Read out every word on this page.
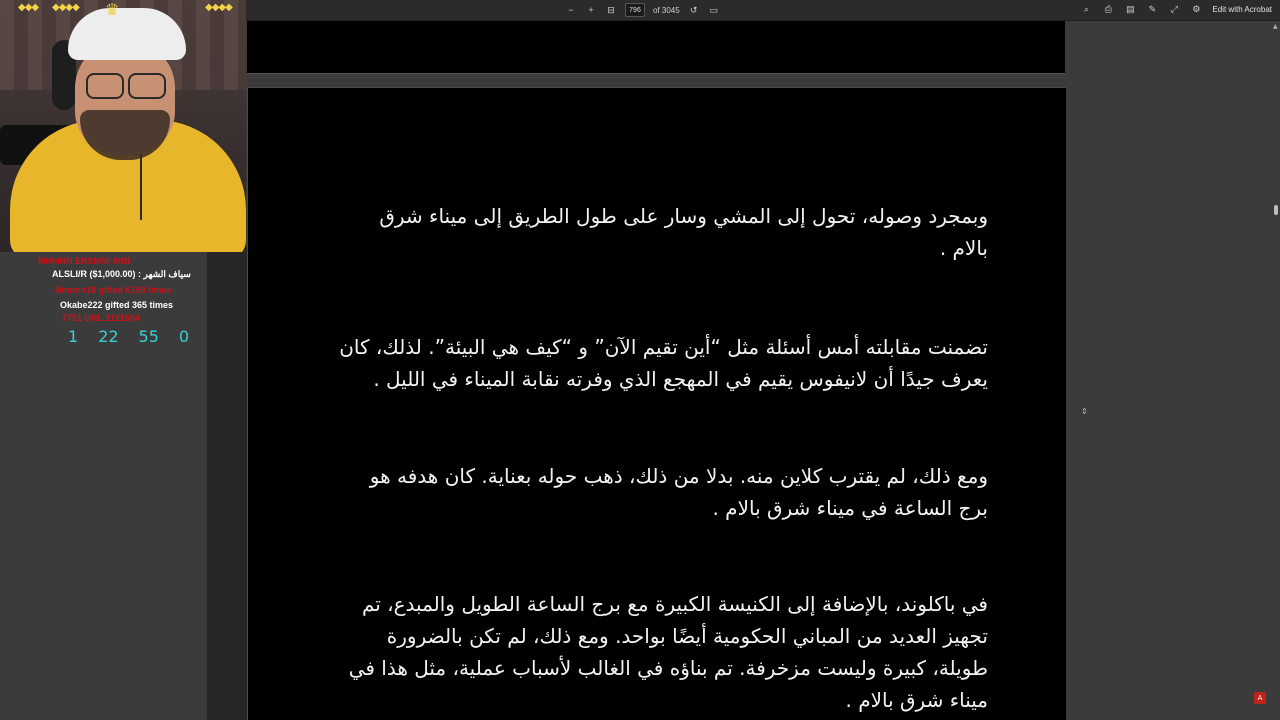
−	+	⊟
796	of 3045 ↺ ▭	⌕	⎙ ▤ ✎ ⤢ ⚙ Edit with Acrobat
وبمجرد وصوله، تحول إلى المشي وسار على طول الطريق إلى ميناء شرق
بالام .
تضمنت مقابلته أمس أسئلة مثل “أين تقيم الآن” و “كيف هي البيئة”. لذلك، كان
يعرف جيدًا أن لانيفوس يقيم في المهجع الذي وفرته نقابة الميناء في الليل .
ومع ذلك، لم يقترب كلاين منه. بدلا من ذلك، ذهب حوله بعناية. كان هدفه هو
برج الساعة في ميناء شرق بالام .
في باكلوند، بالإضافة إلى الكنيسة الكبيرة مع برج الساعة الطويل والمبدع، تم
تجهيز العديد من المباني الحكومية أيضًا بواحد. ومع ذلك، لم تكن بالضرورة
طويلة، كبيرة وليست مزخرفة. تم بناؤه في الغالب لأسباب عملية، مثل هذا في
ميناء شرق بالام .
▲
⇕
A
◆◆◆ ◆◆◆◆	◆◆◆◆
♛
MNMNN ERSMMI MBI
ALSLI/R ($1,000.00) : سياف الشهر
Nmnnn19 gifted 6158 times
Okabe222 gifted 365 times
7751 URL 1121654
1 22 55 0
